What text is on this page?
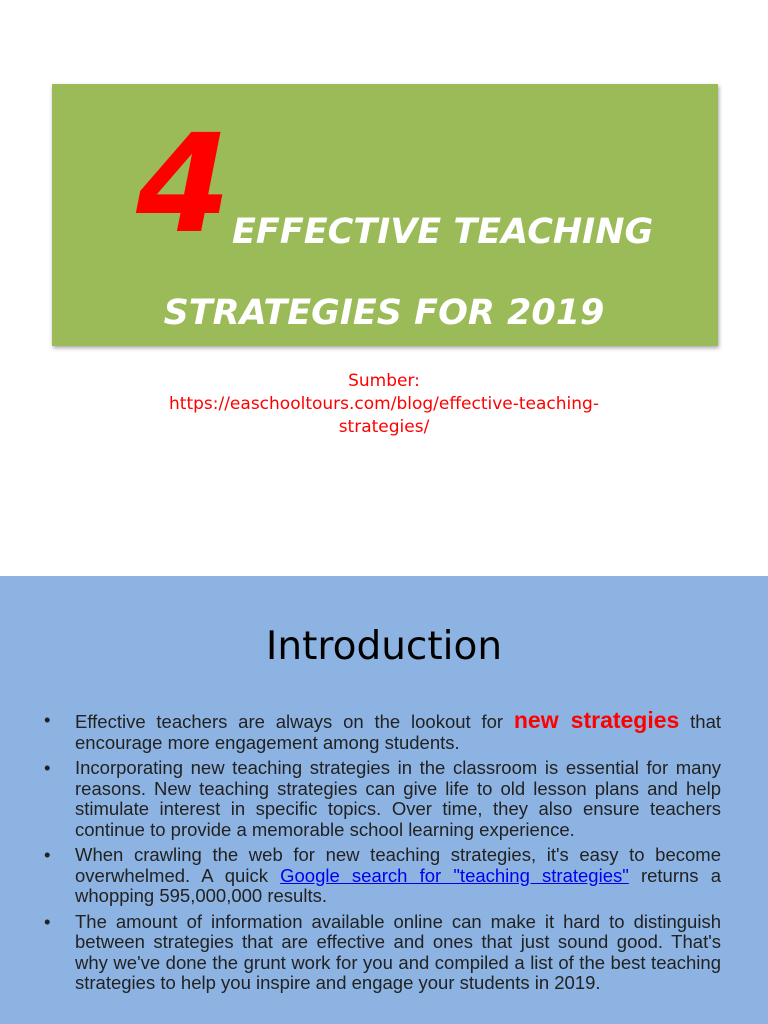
4 EFFECTIVE TEACHING
STRATEGIES FOR 2019
Sumber:
https://easchooltours.com/blog/effective-teaching-
strategies/
Introduction
• Effective teachers are always on the lookout for new strategies that encourage more engagement among students.
• Incorporating new teaching strategies in the classroom is essential for many reasons. New teaching strategies can give life to old lesson plans and help stimulate interest in specific topics. Over time, they also ensure teachers continue to provide a memorable school learning experience.
• When crawling the web for new teaching strategies, it's easy to become overwhelmed. A quick Google search for "teaching strategies" returns a whopping 595,000,000 results.
• The amount of information available online can make it hard to distinguish between strategies that are effective and ones that just sound good. That's why we've done the grunt work for you and compiled a list of the best teaching strategies to help you inspire and engage your students in 2019.
